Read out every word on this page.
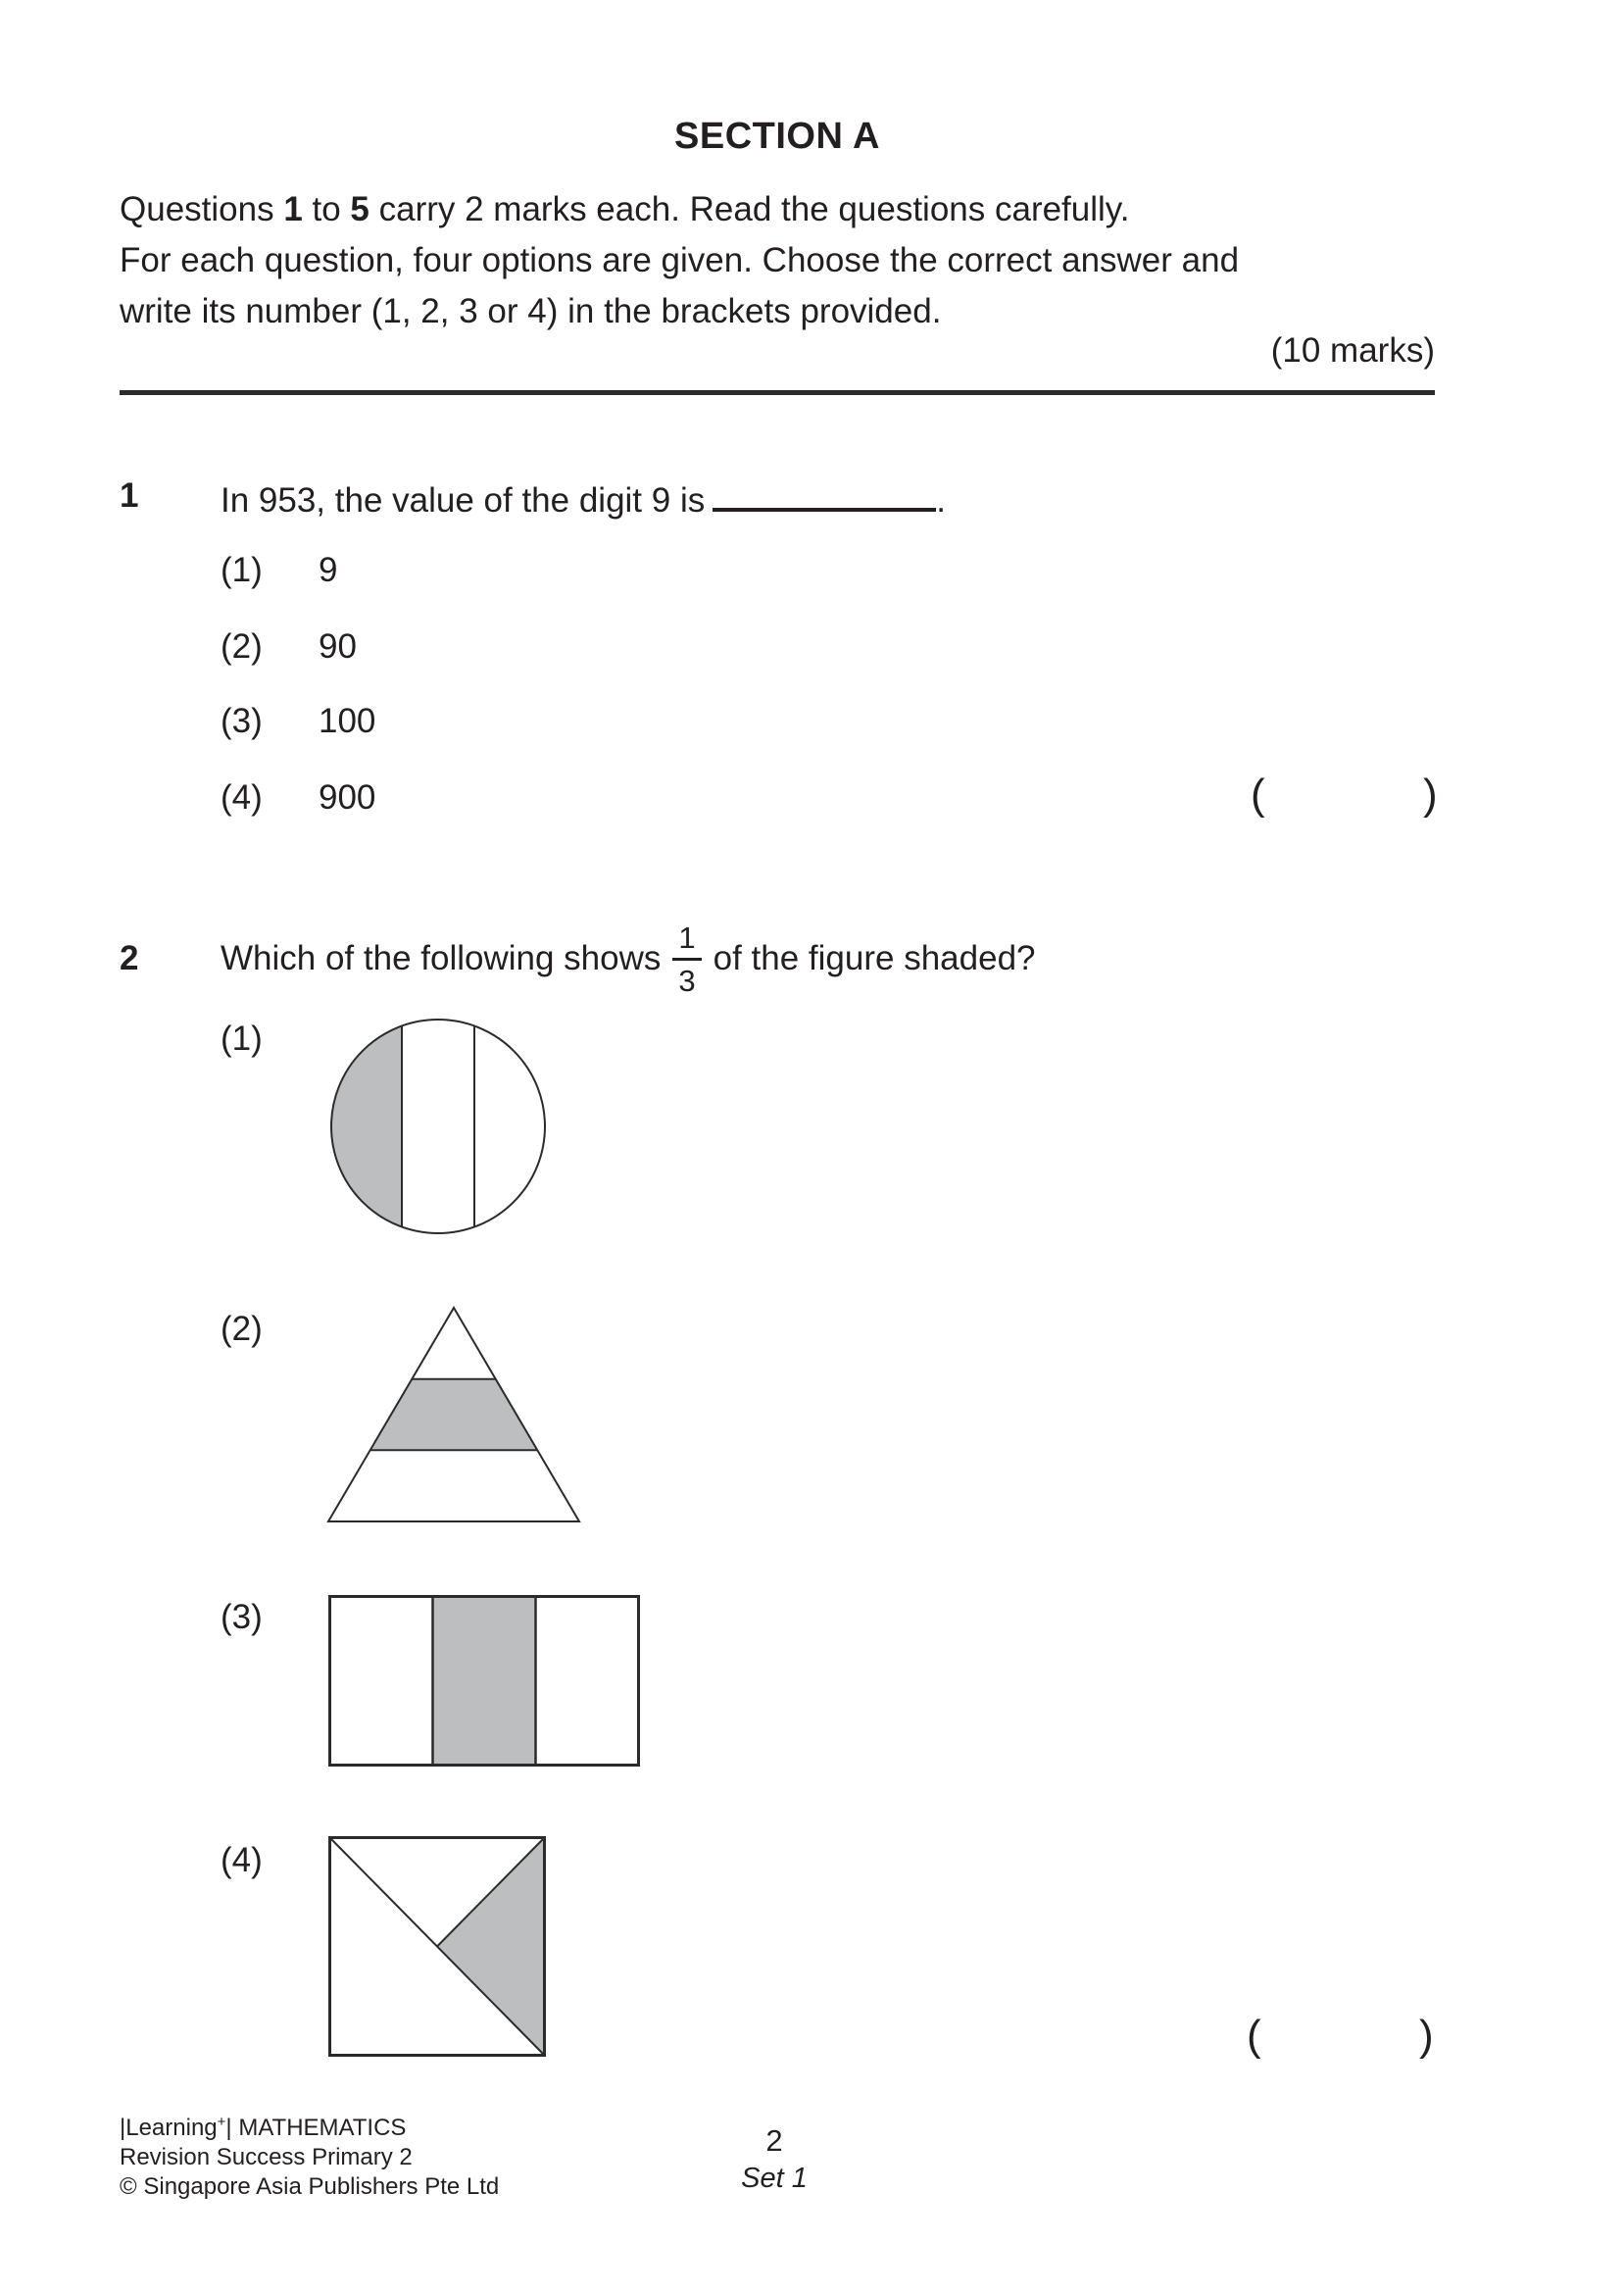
SECTION A

Questions 1 to 5 carry 2 marks each. Read the questions carefully.

For each question, four options are given. Choose the correct answer and

write its number (1, 2, 3 or 4) in the brackets provided.

(10 marks)
1 In 953, the value of the digit 9 is	.
(1) 9
(2) 90
(3) 100
(4) 900	(	)
2 Which of the following shows $\frac{1}{3}$ of the figure shaded?
(1)
(2)
(3)
(4)
(	)

|Learning+| MATHEMATICS

Revision Success Primary 2

© Singapore Asia Publishers Pte Ltd

2
Set 1
